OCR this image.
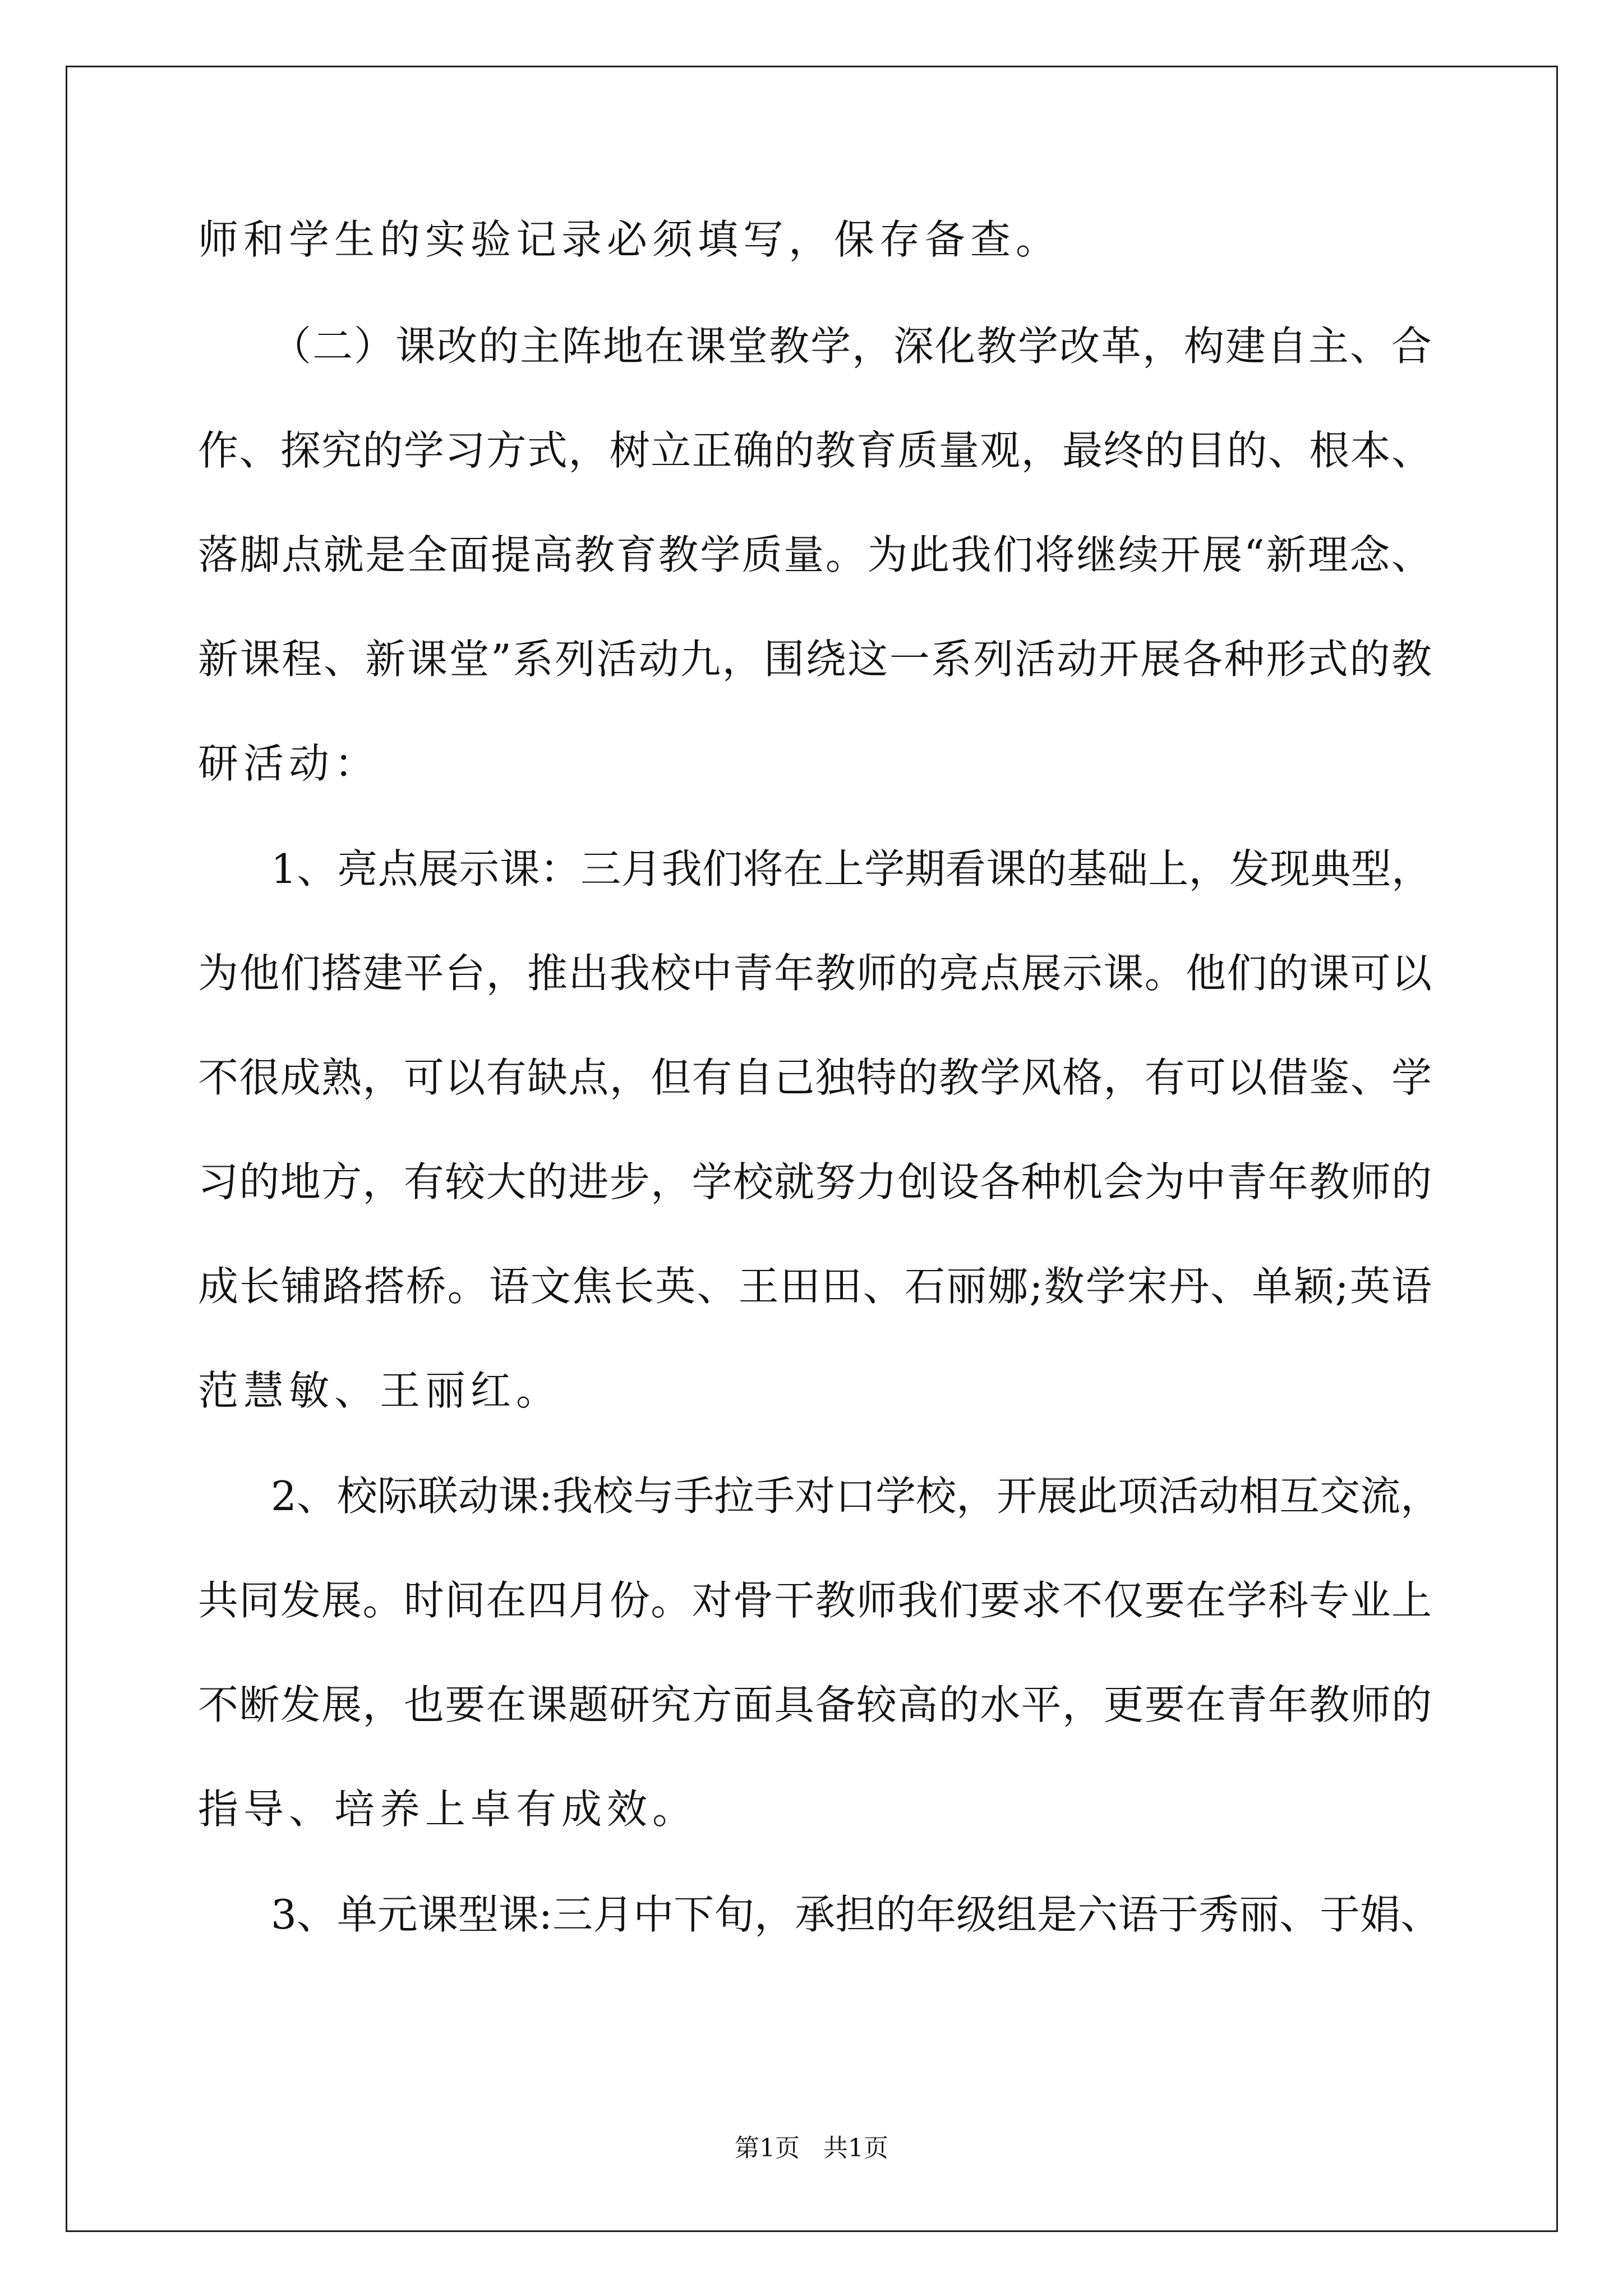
师和学生的实验记录必须填写，保存备查。
（二）课改的主阵地在课堂教学，深化教学改革，构建自主、合
作、探究的学习方式，树立正确的教育质量观，最终的目的、根本、
落脚点就是全面提高教育教学质量。为此我们将继续开展“新理念、
新课程、新课堂”系列活动九，围绕这一系列活动开展各种形式的教
研活动：
1、亮点展示课：三月我们将在上学期看课的基础上，发现典型，
为他们搭建平台，推出我校中青年教师的亮点展示课。他们的课可以
不很成熟，可以有缺点，但有自己独特的教学风格，有可以借鉴、学
习的地方，有较大的进步，学校就努力创设各种机会为中青年教师的
成长铺路搭桥。语文焦长英、王田田、石丽娜;数学宋丹、单颖;英语
范慧敏、王丽红。
2、校际联动课:我校与手拉手对口学校，开展此项活动相互交流，
共同发展。时间在四月份。对骨干教师我们要求不仅要在学科专业上
不断发展，也要在课题研究方面具备较高的水平，更要在青年教师的
指导、培养上卓有成效。
3、单元课型课:三月中下旬，承担的年级组是六语于秀丽、于娟、
第1页   共1页
